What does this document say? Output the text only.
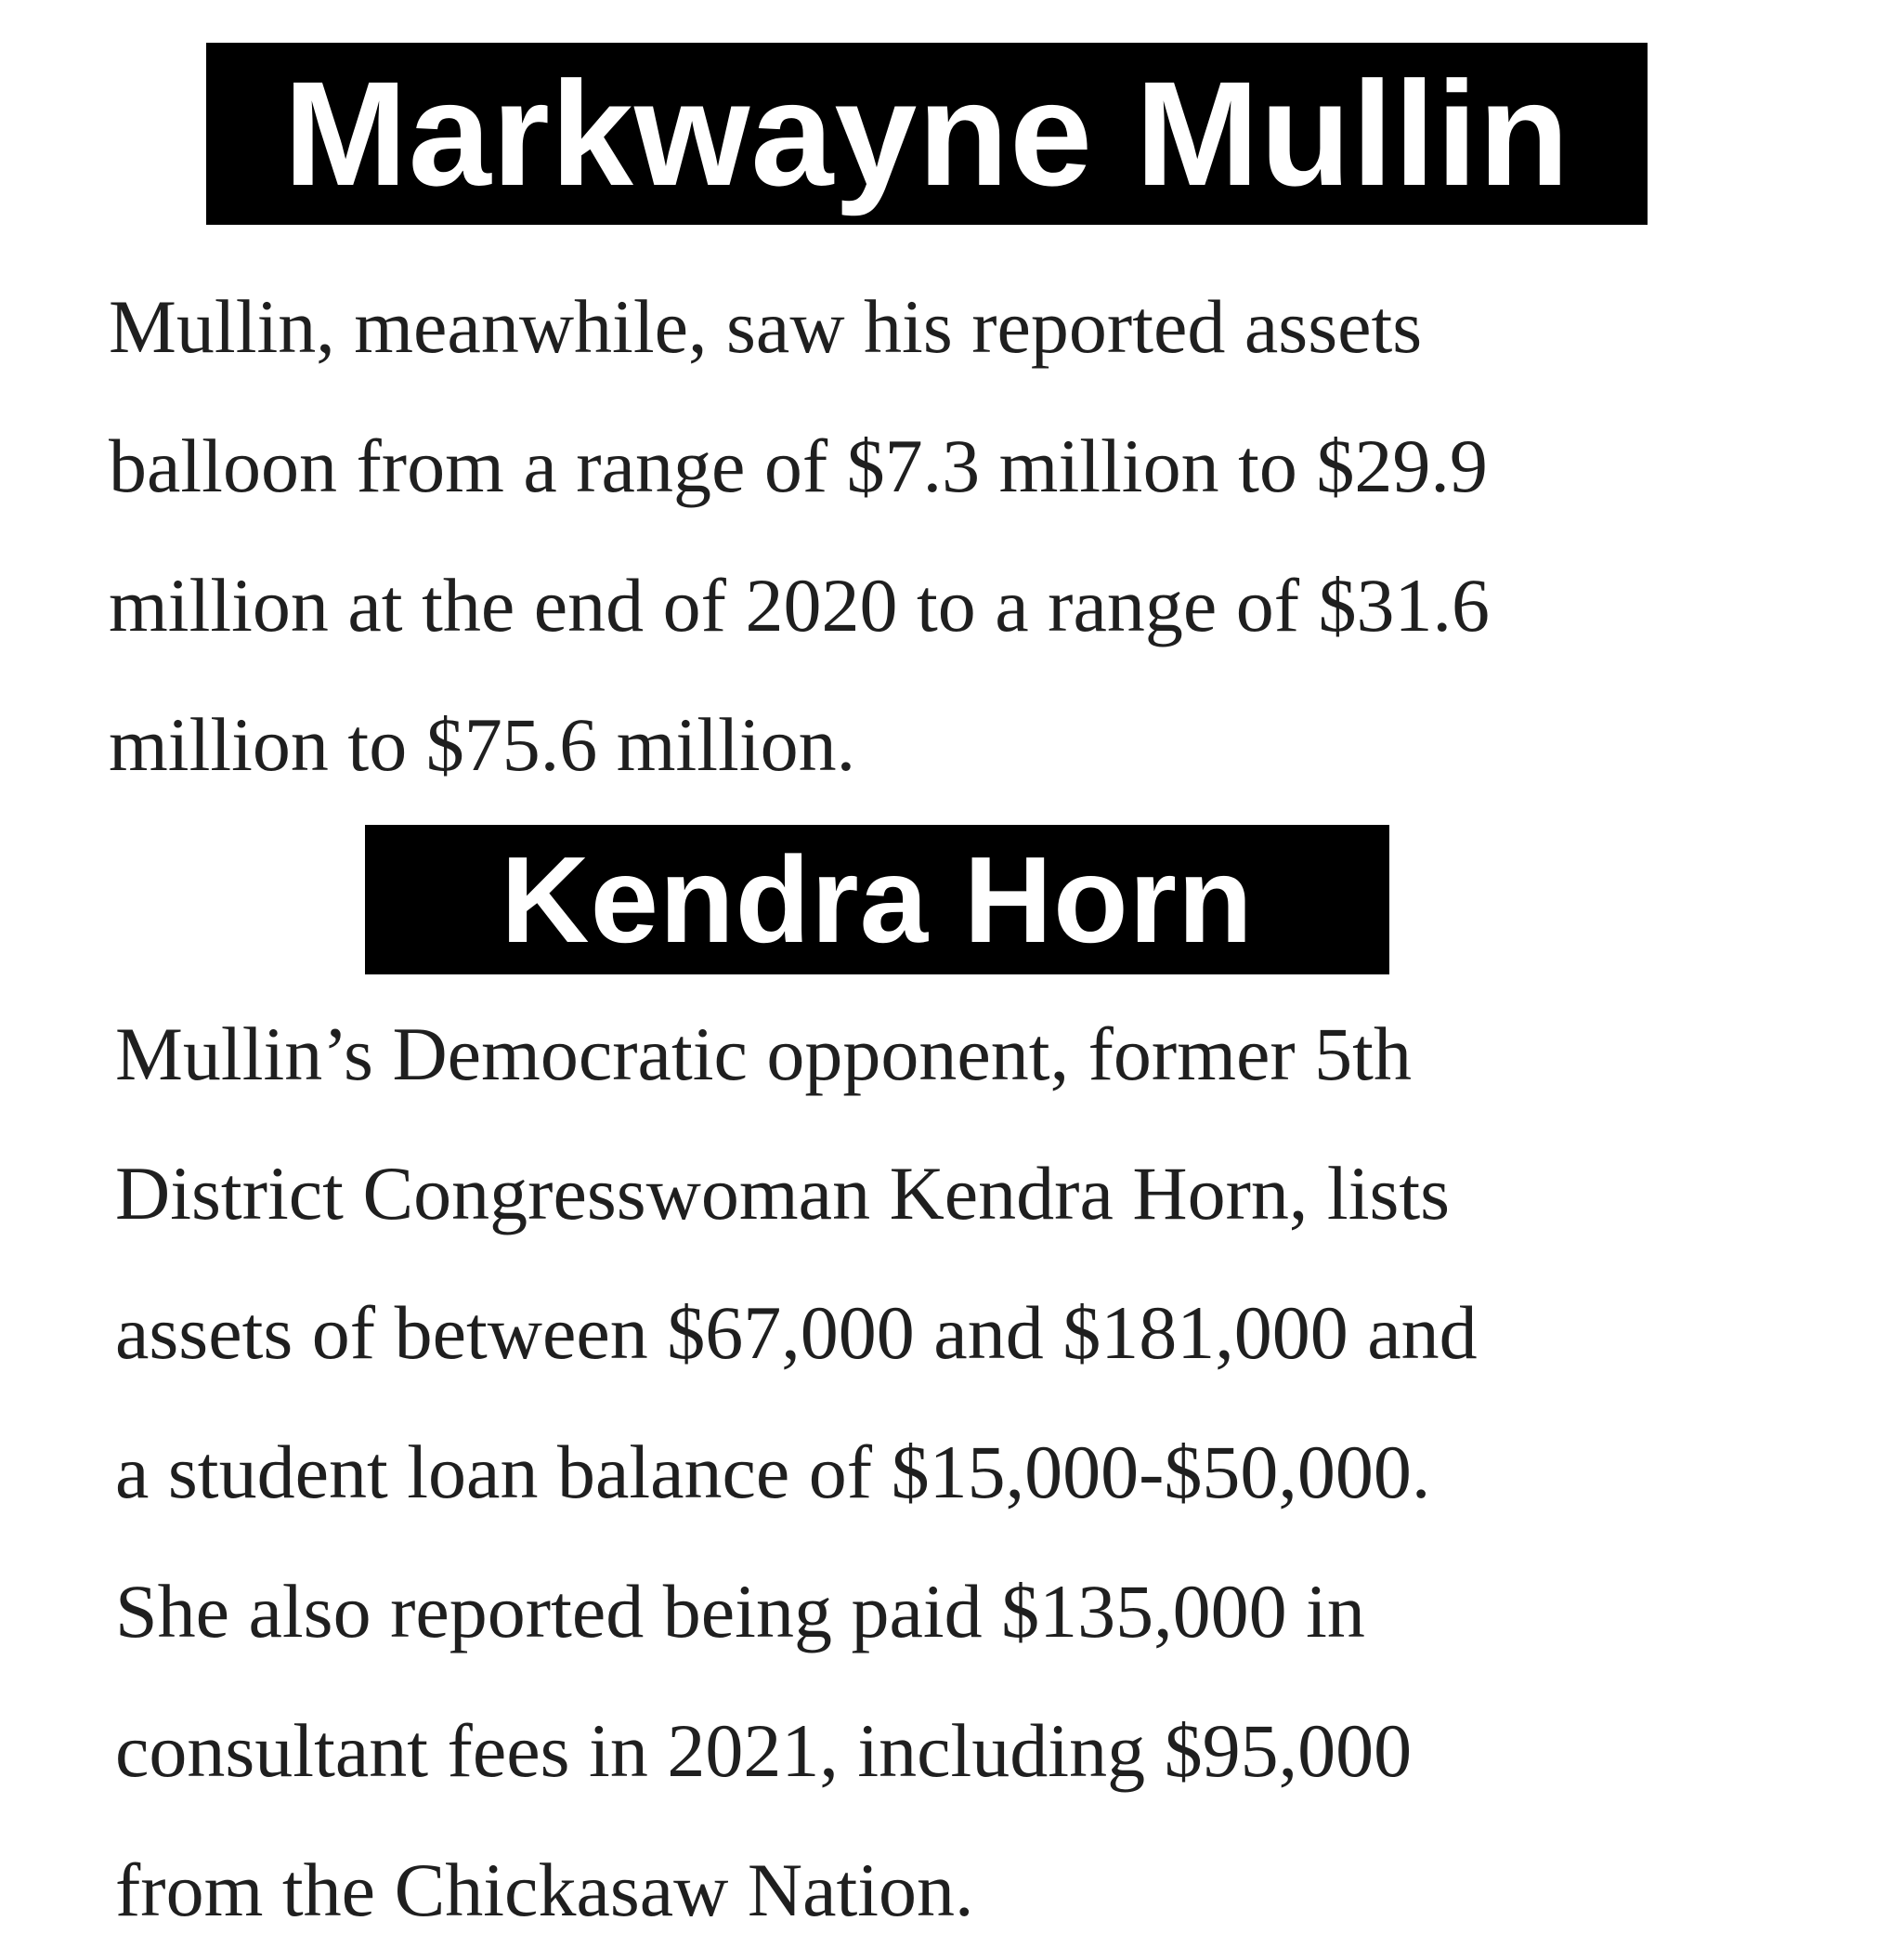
Markwayne Mullin
Mullin, meanwhile, saw his reported assets
balloon from a range of $7.3 million to $29.9
million at the end of 2020 to a range of $31.6
million to $75.6 million.
Kendra Horn
Mullin’s Democratic opponent, former 5th
District Congresswoman Kendra Horn, lists
assets of between $67,000 and $181,000 and
a student loan balance of $15,000-$50,000.
She also reported being paid $135,000 in
consultant fees in 2021, including $95,000
from the Chickasaw Nation.
